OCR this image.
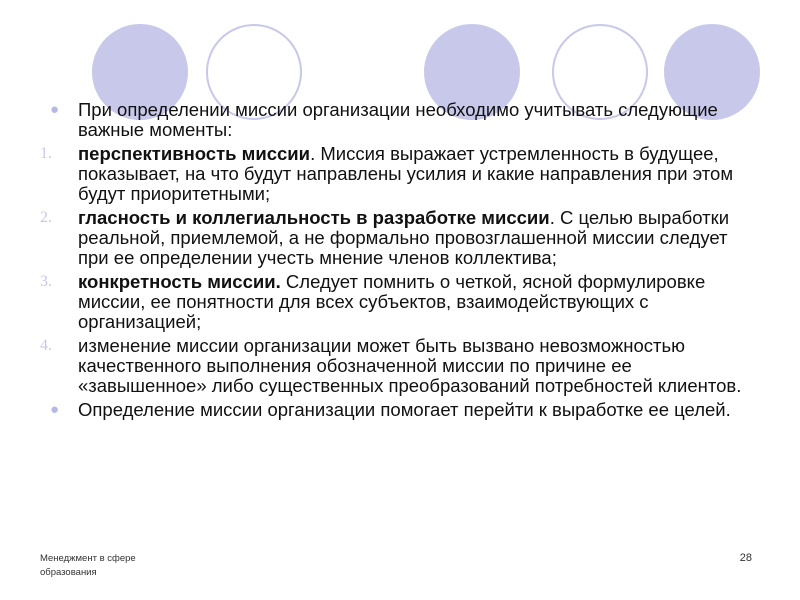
●	При определении миссии организации необходимо учитывать следующие важные моменты:
1.	перспективность миссии. Миссия выражает устремленность в будущее, показывает, на что будут направлены усилия и какие направления при этом будут приоритетными;
2.	гласность и коллегиальность в разработке миссии. С целью выработки реальной, приемлемой, а не формально провозглашенной миссии следует при ее определении учесть мнение членов коллектива;
3.	конкретность миссии. Следует помнить о четкой, ясной формулировке миссии, ее понятности для всех субъектов, взаимодействующих с организацией;
4.	изменение миссии организации может быть вызвано невозможностью качественного выполнения обозначенной миссии по причине ее «завышенное» либо существенных преобразований потребностей клиентов.
●	Определение миссии организации помогает перейти к выработке ее целей.
Менеджмент в сфере образования
28
